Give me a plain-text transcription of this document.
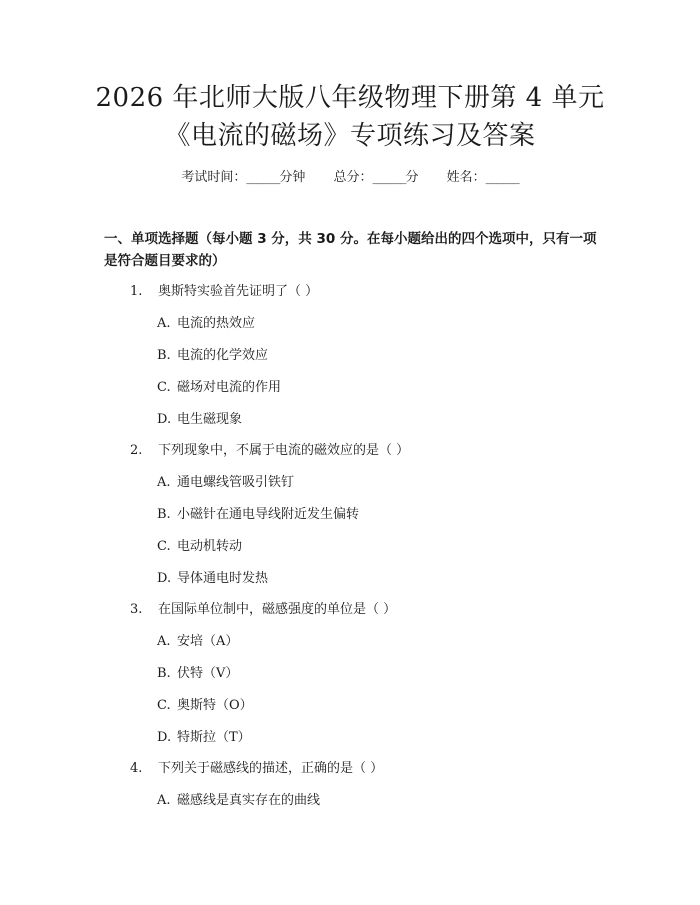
2026 年北师大版八年级物理下册第 4 单元
《电流的磁场》专项练习及答案
考试时间：______分钟 总分：______分 姓名：______
一、单项选择题（每小题 3 分，共 30 分。在每小题给出的四个选项中，只有一项
是符合题目要求的）
1. 奥斯特实验首先证明了（ ）
A. 电流的热效应
B. 电流的化学效应
C. 磁场对电流的作用
D. 电生磁现象
2. 下列现象中，不属于电流的磁效应的是（ ）
A. 通电螺线管吸引铁钉
B. 小磁针在通电导线附近发生偏转
C. 电动机转动
D. 导体通电时发热
3. 在国际单位制中，磁感强度的单位是（ ）
A. 安培（A）
B. 伏特（V）
C. 奥斯特（O）
D. 特斯拉（T）
4. 下列关于磁感线的描述，正确的是（ ）
A. 磁感线是真实存在的曲线
